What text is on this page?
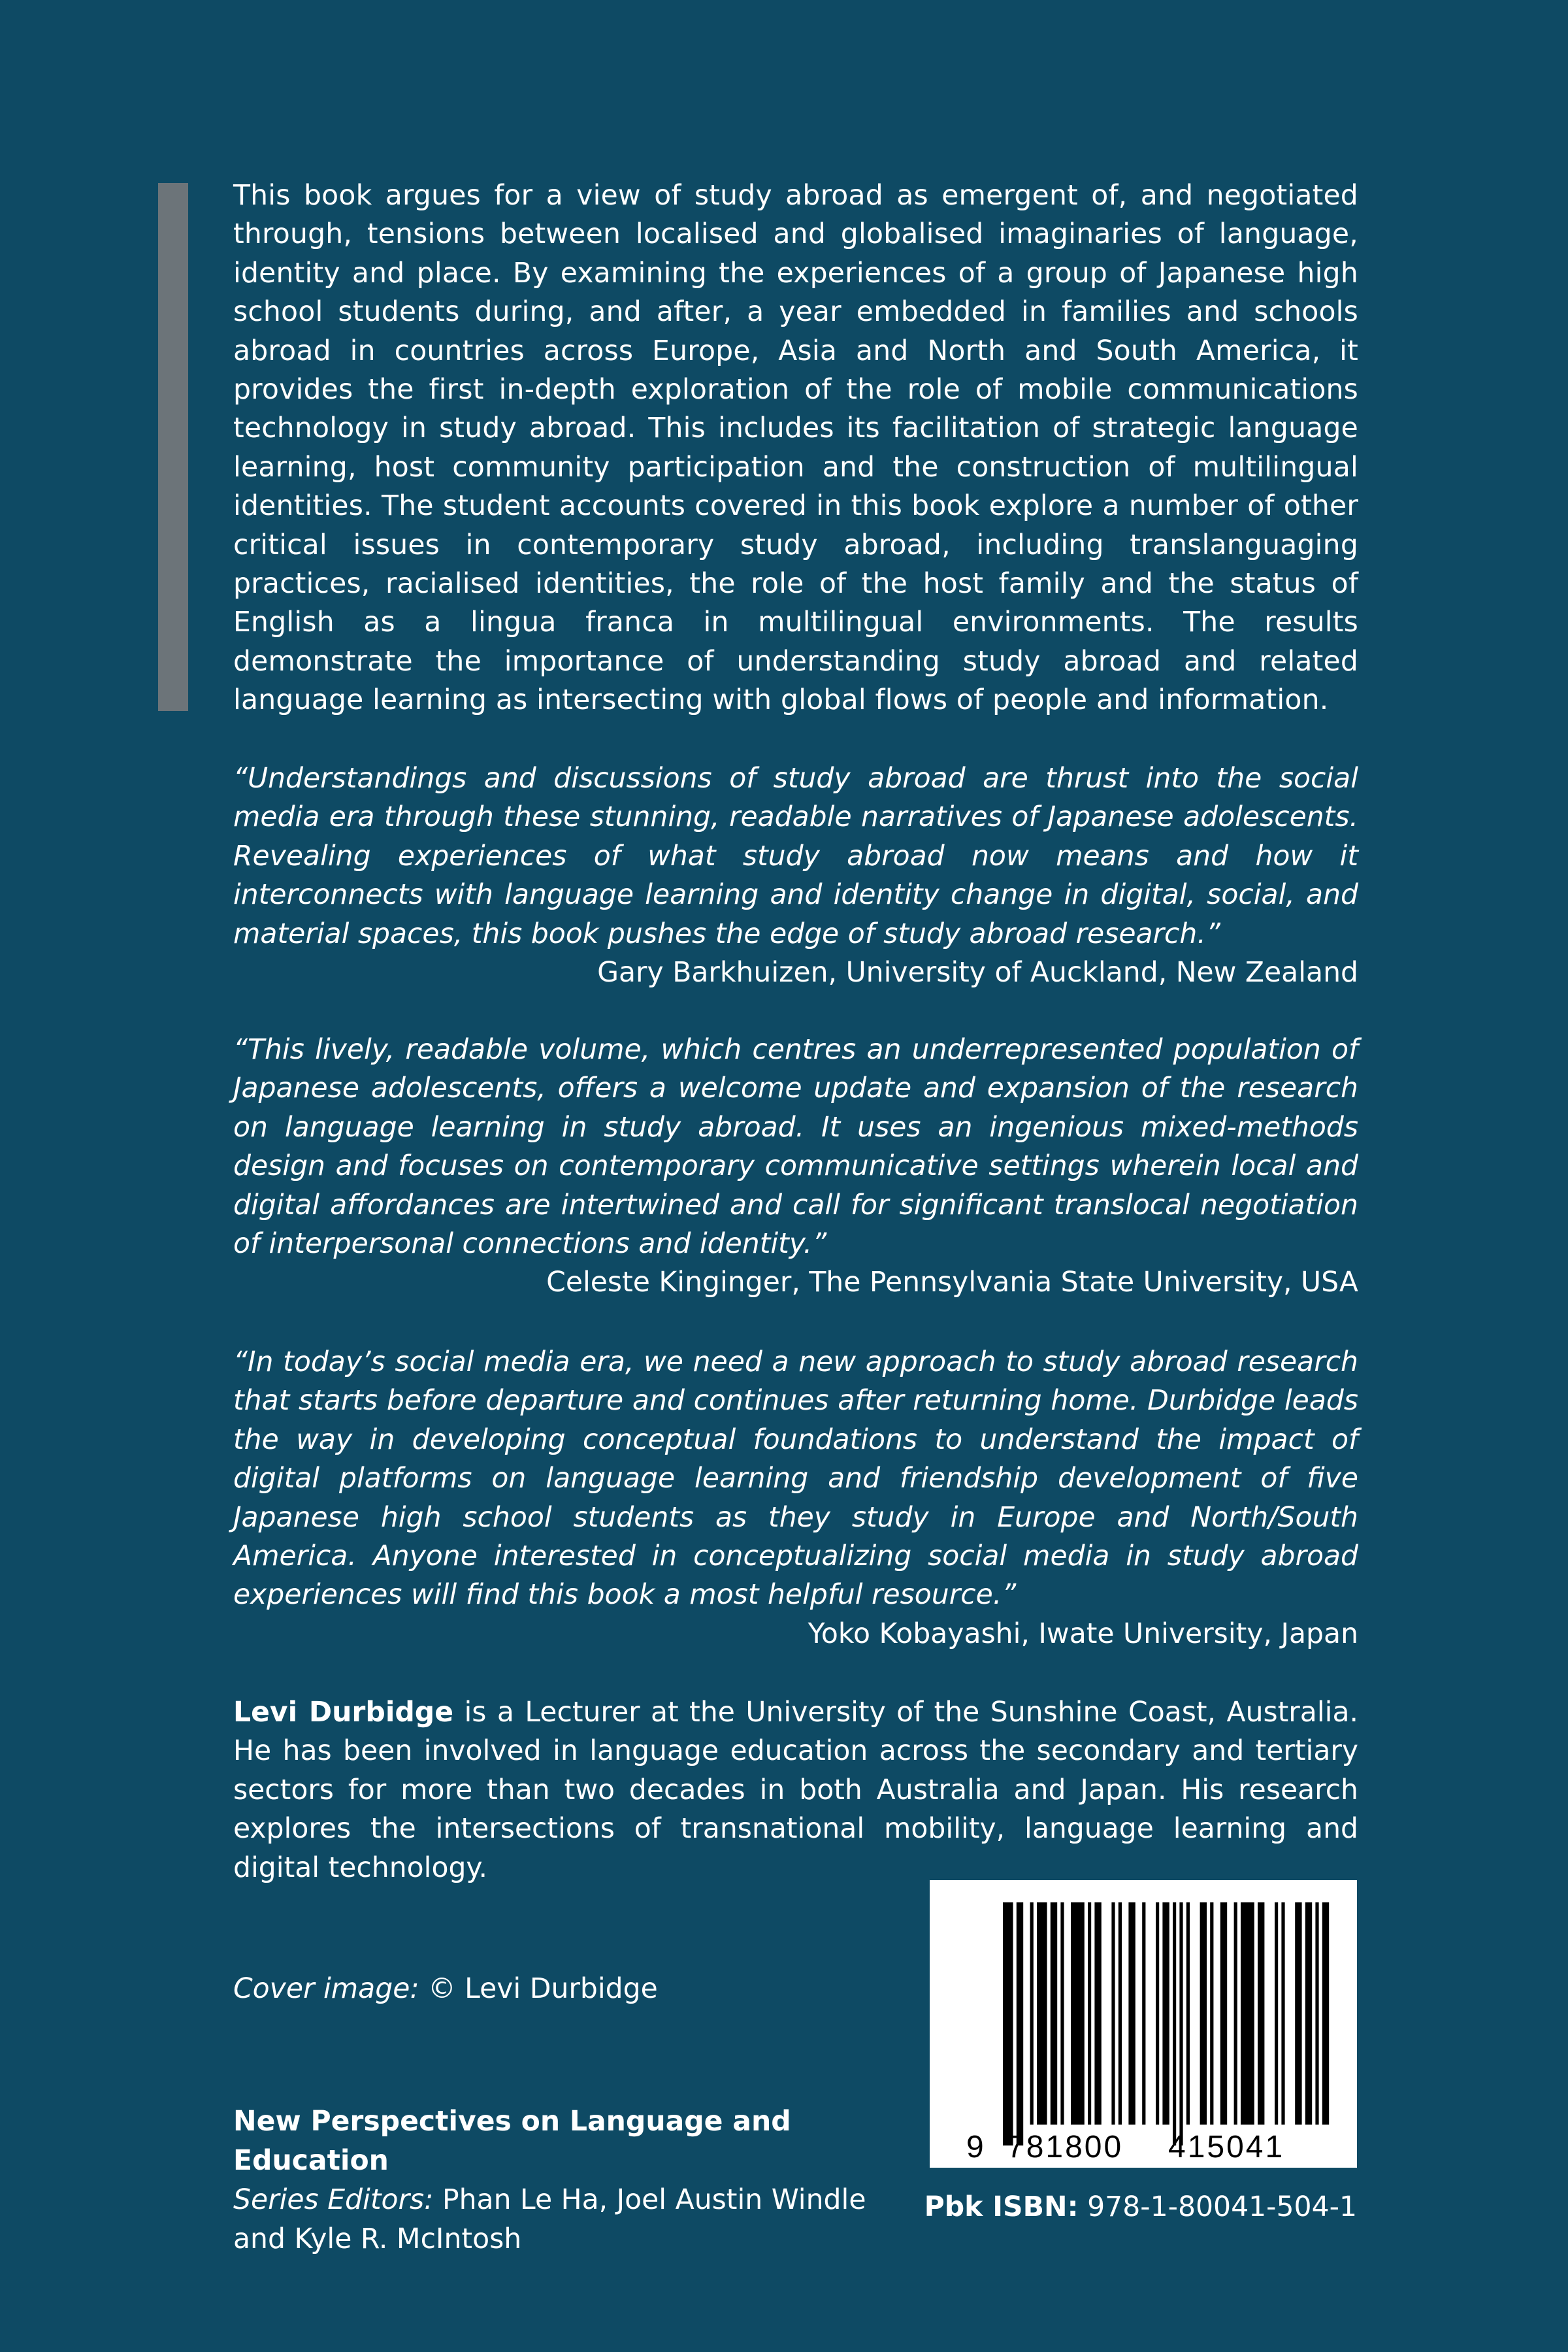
This book argues for a view of study abroad as emergent of, and negotiated through, tensions between localised and globalised imaginaries of language, identity and place. By examining the experiences of a group of Japanese high school students during, and after, a year embedded in families and schools abroad in countries across Europe, Asia and North and South America, it provides the first in-depth exploration of the role of mobile communications technology in study abroad. This includes its facilitation of strategic language learning, host community participation and the construction of multilingual identities. The student accounts covered in this book explore a number of other critical issues in contemporary study abroad, including translanguaging practices, racialised identities, the role of the host family and the status of English as a lingua franca in multilingual environments. The results demonstrate the importance of understanding study abroad and related language learning as intersecting with global flows of people and information.
“Understandings and discussions of study abroad are thrust into the social media era through these stunning, readable narratives of Japanese adolescents. Revealing experiences of what study abroad now means and how it interconnects with language learning and identity change in digital, social, and material spaces, this book pushes the edge of study abroad research.”
Gary Barkhuizen, University of Auckland, New Zealand
“This lively, readable volume, which centres an underrepresented population of Japanese adolescents, offers a welcome update and expansion of the research on language learning in study abroad. It uses an ingenious mixed-methods design and focuses on contemporary communicative settings wherein local and digital affordances are intertwined and call for significant translocal negotiation of interpersonal connections and identity.”
Celeste Kinginger, The Pennsylvania State University, USA
“In today’s social media era, we need a new approach to study abroad research that starts before departure and continues after returning home. Durbidge leads the way in developing conceptual foundations to understand the impact of digital platforms on language learning and friendship development of five Japanese high school students as they study in Europe and North/South America. Anyone interested in conceptualizing social media in study abroad experiences will find this book a most helpful resource.”
Yoko Kobayashi, Iwate University, Japan
Levi Durbidge is a Lecturer at the University of the Sunshine Coast, Australia. He has been involved in language education across the secondary and tertiary sectors for more than two decades in both Australia and Japan. His research explores the intersections of transnational mobility, language learning and digital technology.
Cover image: © Levi Durbidge
New Perspectives on Language and Education
Series Editors: Phan Le Ha, Joel Austin Windle and Kyle R. McIntosh
9 781800 415041
Pbk ISBN: 978-1-80041-504-1
